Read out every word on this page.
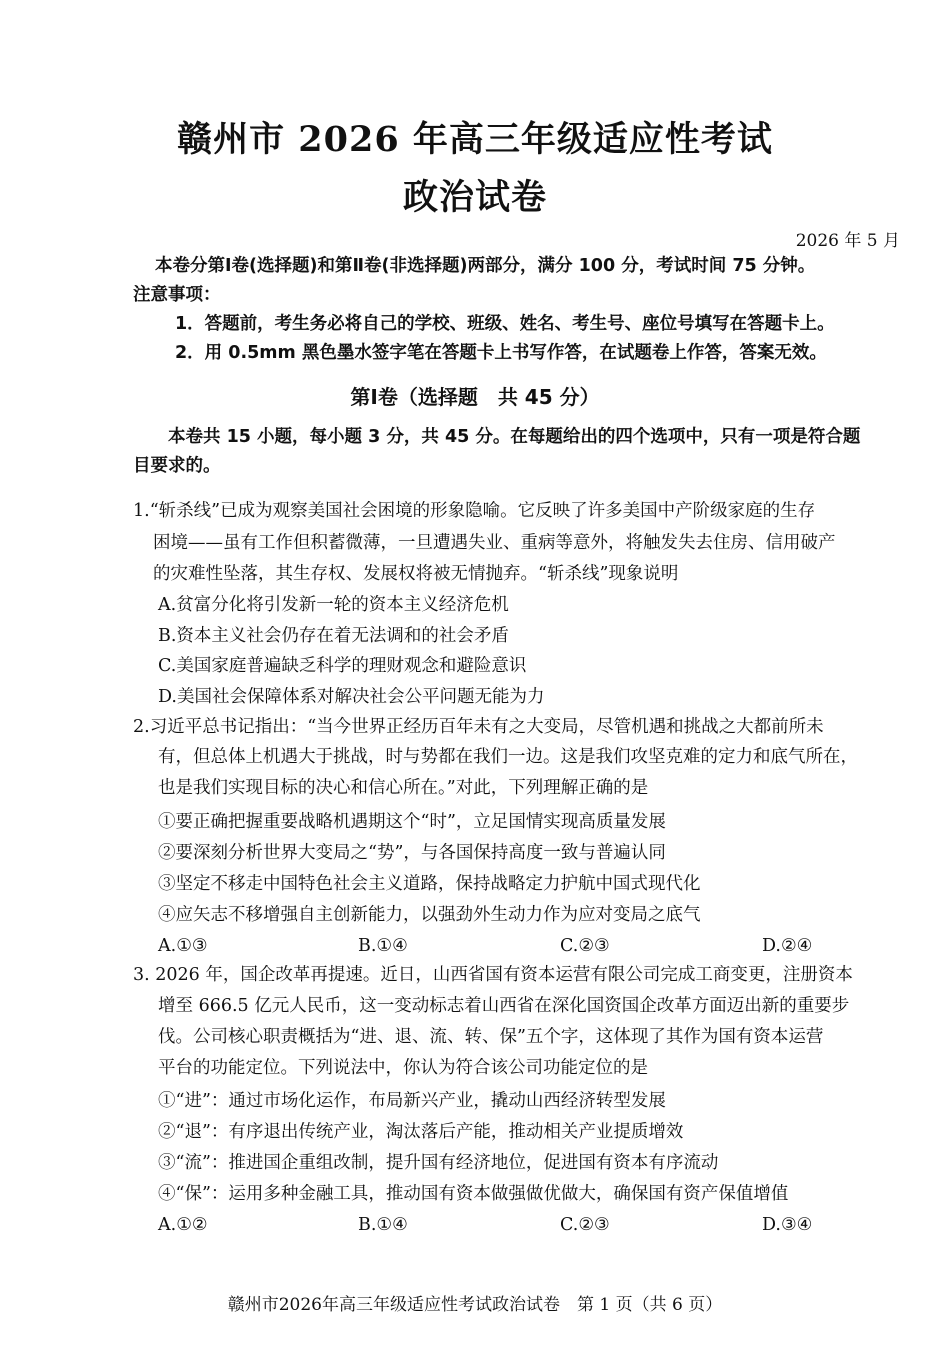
赣州市 2026 年高三年级适应性考试
政治试卷
2026 年 5 月
本卷分第Ⅰ卷(选择题)和第Ⅱ卷(非选择题)两部分，满分 100 分，考试时间 75 分钟。
注意事项：
1．答题前，考生务必将自己的学校、班级、姓名、考生号、座位号填写在答题卡上。
2．用 0.5mm 黑色墨水签字笔在答题卡上书写作答，在试题卷上作答，答案无效。
第Ⅰ卷（选择题　共 45 分）
本卷共 15 小题，每小题 3 分，共 45 分。在每题给出的四个选项中，只有一项是符合题
目要求的。
1.“斩杀线”已成为观察美国社会困境的形象隐喻。它反映了许多美国中产阶级家庭的生存
困境——虽有工作但积蓄微薄，一旦遭遇失业、重病等意外，将触发失去住房、信用破产
的灾难性坠落，其生存权、发展权将被无情抛弃。“斩杀线”现象说明
A.贫富分化将引发新一轮的资本主义经济危机
B.资本主义社会仍存在着无法调和的社会矛盾
C.美国家庭普遍缺乏科学的理财观念和避险意识
D.美国社会保障体系对解决社会公平问题无能为力
2.习近平总书记指出：“当今世界正经历百年未有之大变局，尽管机遇和挑战之大都前所未
有，但总体上机遇大于挑战，时与势都在我们一边。这是我们攻坚克难的定力和底气所在，
也是我们实现目标的决心和信心所在。”对此，下列理解正确的是
①要正确把握重要战略机遇期这个“时”，立足国情实现高质量发展
②要深刻分析世界大变局之“势”，与各国保持高度一致与普遍认同
③坚定不移走中国特色社会主义道路，保持战略定力护航中国式现代化
④应矢志不移增强自主创新能力，以强劲外生动力作为应对变局之底气
A.①③	B.①④	C.②③	D.②④
3. 2026 年，国企改革再提速。近日，山西省国有资本运营有限公司完成工商变更，注册资本
增至 666.5 亿元人民币，这一变动标志着山西省在深化国资国企改革方面迈出新的重要步
伐。公司核心职责概括为“进、退、流、转、保”五个字，这体现了其作为国有资本运营
平台的功能定位。下列说法中，你认为符合该公司功能定位的是
①“进”：通过市场化运作，布局新兴产业，撬动山西经济转型发展
②“退”：有序退出传统产业，淘汰落后产能，推动相关产业提质增效
③“流”：推进国企重组改制，提升国有经济地位，促进国有资本有序流动
④“保”：运用多种金融工具，推动国有资本做强做优做大，确保国有资产保值增值
A.①②	B.①④	C.②③	D.③④
赣州市2026年高三年级适应性考试政治试卷　第 1 页（共 6 页）
